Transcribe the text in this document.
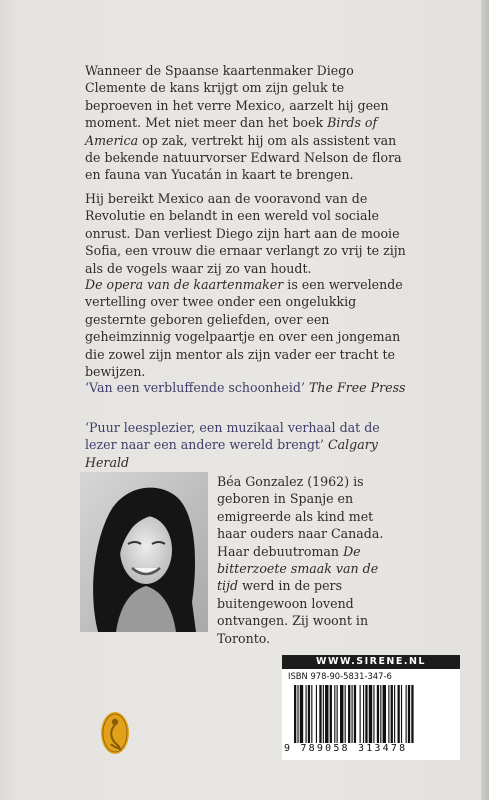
Wanneer de Spaanse kaartenmaker Diego Clemente de kans krijgt om zijn geluk te beproeven in het verre Mexico, aarzelt hij geen moment. Met niet meer dan het boek Birds of America op zak, vertrekt hij om als assistent van de bekende natuurvorser Edward Nelson de flora en fauna van Yucatán in kaart te brengen.

Hij bereikt Mexico aan de vooravond van de Revolutie en belandt in een wereld vol sociale onrust. Dan verliest Diego zijn hart aan de mooie Sofia, een vrouw die ernaar verlangt zo vrij te zijn als de vogels waar zij zo van houdt.

De opera van de kaartenmaker is een wervelende vertelling over twee onder een ongelukkig gesternte geboren geliefden, over een geheimzinnig vogelpaartje en over een jongeman die zowel zijn mentor als zijn vader eer tracht te bewijzen.

‘Van een verbluffende schoonheid’ The Free Press

‘Puur leesplezier, een muzikaal verhaal dat de lezer naar een andere wereld brengt’ Calgary Herald

Béa Gonzalez (1962) is geboren in Spanje en emigreerde als kind met haar ouders naar Canada. Haar debuutroman De bitterzoete smaak van de tijd werd in de pers buitengewoon lovend ontvangen. Zij woont in Toronto.

WWW.SIRENE.NL
ISBN 978-90-5831-347-6
9 789058 313478
